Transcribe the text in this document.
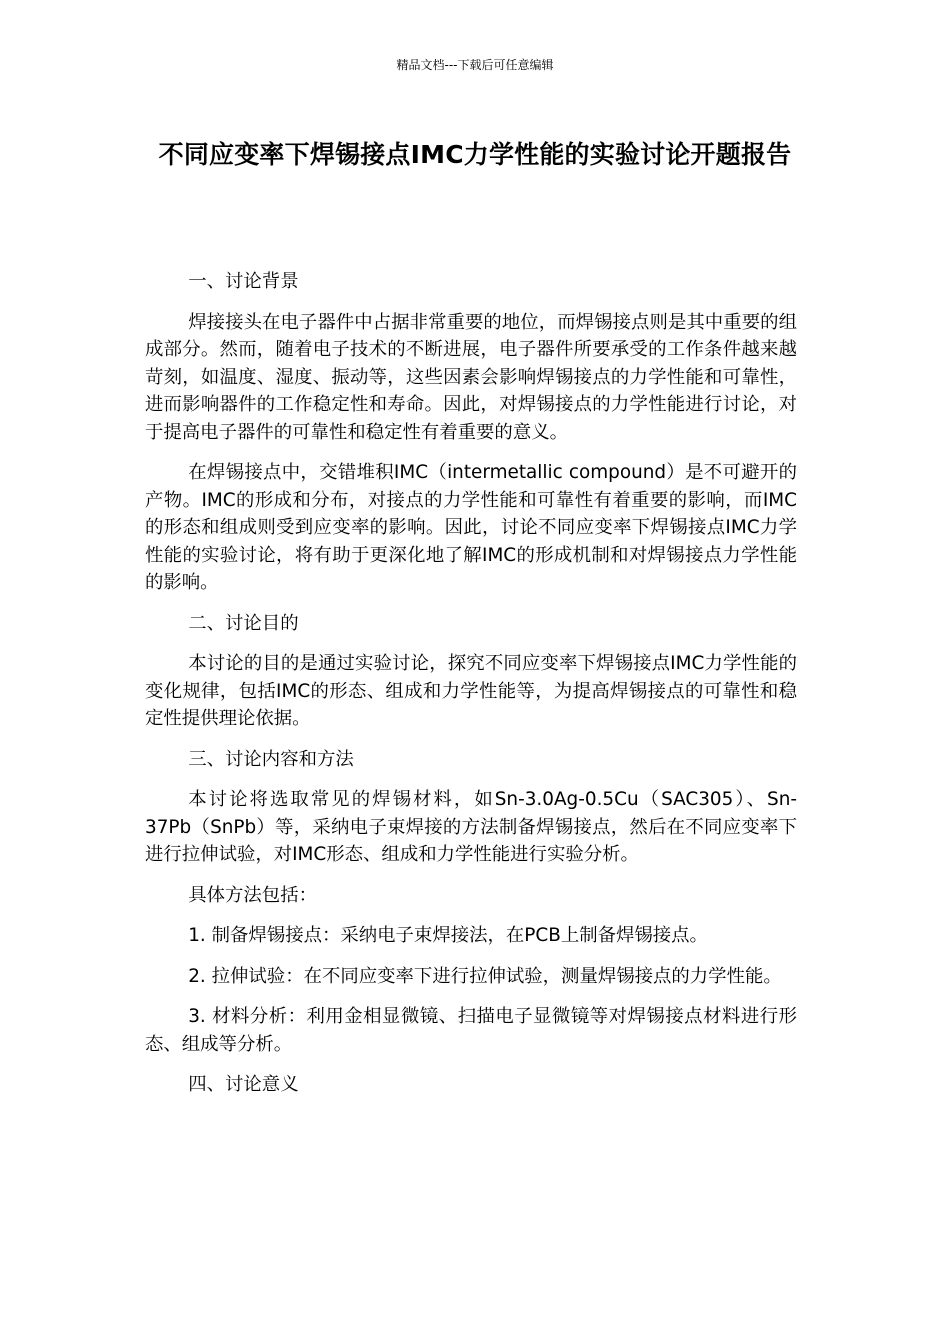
精品文档---下载后可任意编辑
不同应变率下焊锡接点IMC力学性能的实验讨论开题报告

一、讨论背景

焊接接头在电子器件中占据非常重要的地位，而焊锡接点则是其中重要的组成部分。然而，随着电子技术的不断进展，电子器件所要承受的工作条件越来越苛刻，如温度、湿度、振动等，这些因素会影响焊锡接点的力学性能和可靠性，进而影响器件的工作稳定性和寿命。因此，对焊锡接点的力学性能进行讨论，对于提高电子器件的可靠性和稳定性有着重要的意义。

在焊锡接点中，交错堆积IMC（intermetallic compound）是不可避开的产物。IMC的形成和分布，对接点的力学性能和可靠性有着重要的影响，而IMC的形态和组成则受到应变率的影响。因此，讨论不同应变率下焊锡接点IMC力学性能的实验讨论，将有助于更深化地了解IMC的形成机制和对焊锡接点力学性能的影响。

二、讨论目的

本讨论的目的是通过实验讨论，探究不同应变率下焊锡接点IMC力学性能的变化规律，包括IMC的形态、组成和力学性能等，为提高焊锡接点的可靠性和稳定性提供理论依据。

三、讨论内容和方法

本讨论将选取常见的焊锡材料，如Sn-3.0Ag-0.5Cu（SAC305）、Sn-37Pb（SnPb）等，采纳电子束焊接的方法制备焊锡接点，然后在不同应变率下进行拉伸试验，对IMC形态、组成和力学性能进行实验分析。

具体方法包括：

1. 制备焊锡接点：采纳电子束焊接法，在PCB上制备焊锡接点。

2. 拉伸试验：在不同应变率下进行拉伸试验，测量焊锡接点的力学性能。

3. 材料分析：利用金相显微镜、扫描电子显微镜等对焊锡接点材料进行形态、组成等分析。

四、讨论意义
